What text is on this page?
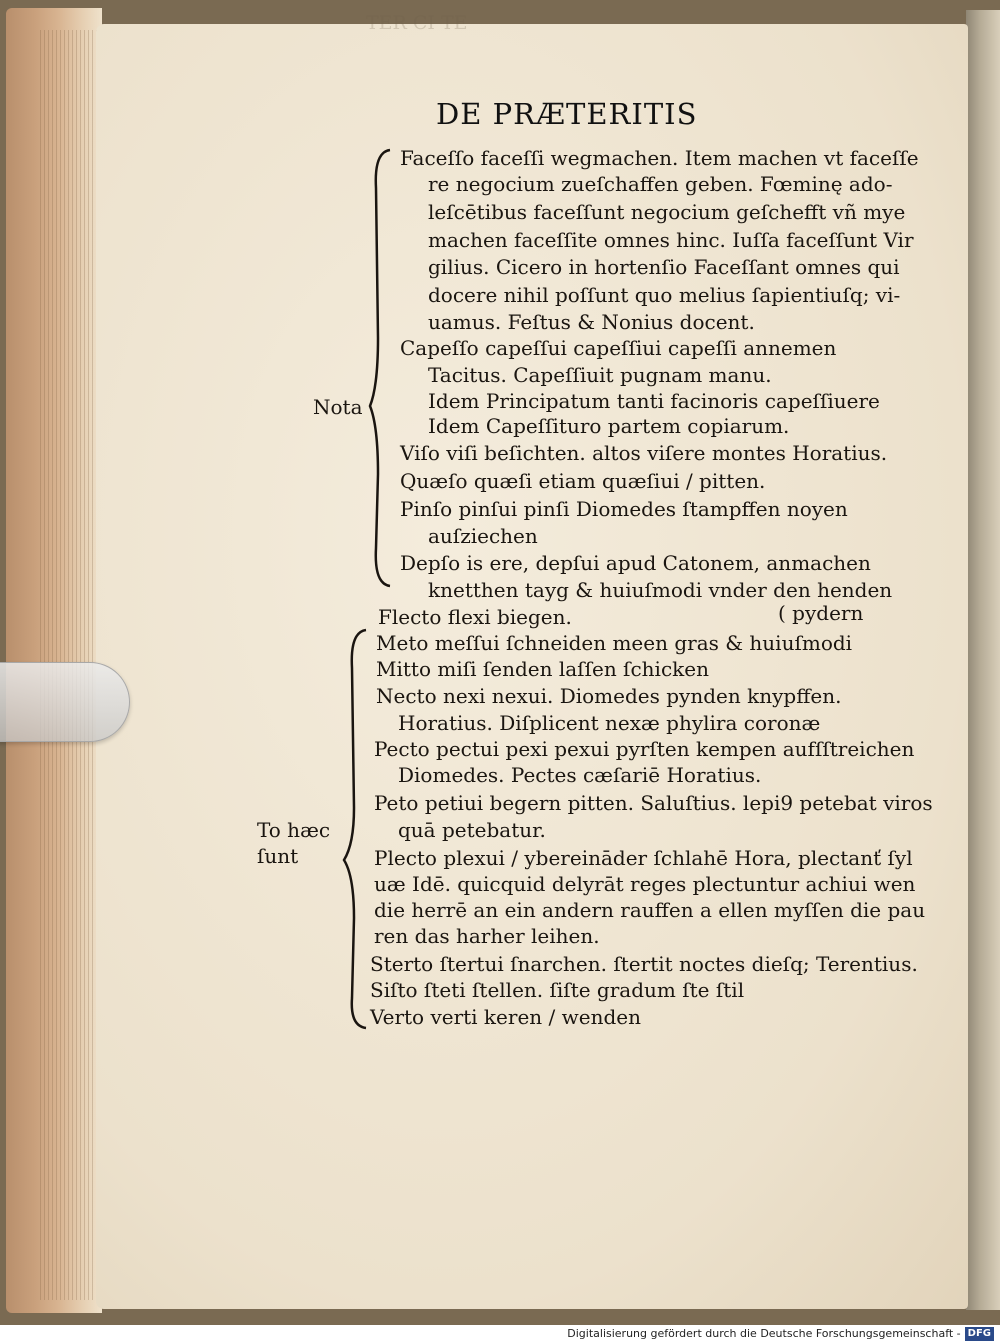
TER CI TE
DE PRÆTERITIS
Nota
To hæc
ſunt
Faceſſo faceſſi wegmachen. Item machen vt faceſſe
re negocium zueſchaffen geben. Fœminę ado-
leſcētibus faceſſunt negocium geſchefft vñ mye
machen faceſſite omnes hinc. Iuſſa faceſſunt Vir
gilius. Cicero in hortenſio Faceſſant omnes qui
docere nihil poſſunt quo melius ſapientiuſq; vi-
uamus. Feſtus & Nonius docent.
Capeſſo capeſſui capeſſiui capeſſi annemen
Tacitus. Capeſſiuit pugnam manu.
Idem Principatum tanti facinoris capeſſiuere
Idem Capeſſituro partem copiarum.
Viſo viſi beſichten. altos viſere montes Horatius.
Quæſo quæſi etiam quæſiui / pitten.
Pinſo pinſui pinſi Diomedes ſtampffen noyen
auſziechen
Depſo is ere, depſui apud Catonem, anmachen
knetthen tayg & huiuſmodi vnder den henden
Flecto flexi biegen.	( pydern
Meto meſſui ſchneiden meen gras & huiuſmodi
Mitto miſi ſenden laſſen ſchicken
Necto nexi nexui. Diomedes pynden knypffen.
Horatius. Diſplicent nexæ phylira coronæ
Pecto pectui pexi pexui pyrſten kempen aufſſtreichen
Diomedes. Pectes cæſariē Horatius.
Peto petiui begern pitten. Saluſtius. lepi9 petebat viros
quā petebatur.
Plecto plexui / ybereināder ſchlahē Hora, plectanť ſyl
uæ Idē. quicquid delyrāt reges plectuntur achiui wen
die herrē an ein andern rauffen a ellen myſſen die pau
ren das harher leihen.
Sterto ſtertui ſnarchen. ſtertit noctes dieſq; Terentius.
Siſto ſteti ſtellen. ſiſte gradum ſte ſtil
Verto verti keren / wenden
Digitalisierung gefördert durch die Deutsche Forschungsgemeinschaft - DFG
